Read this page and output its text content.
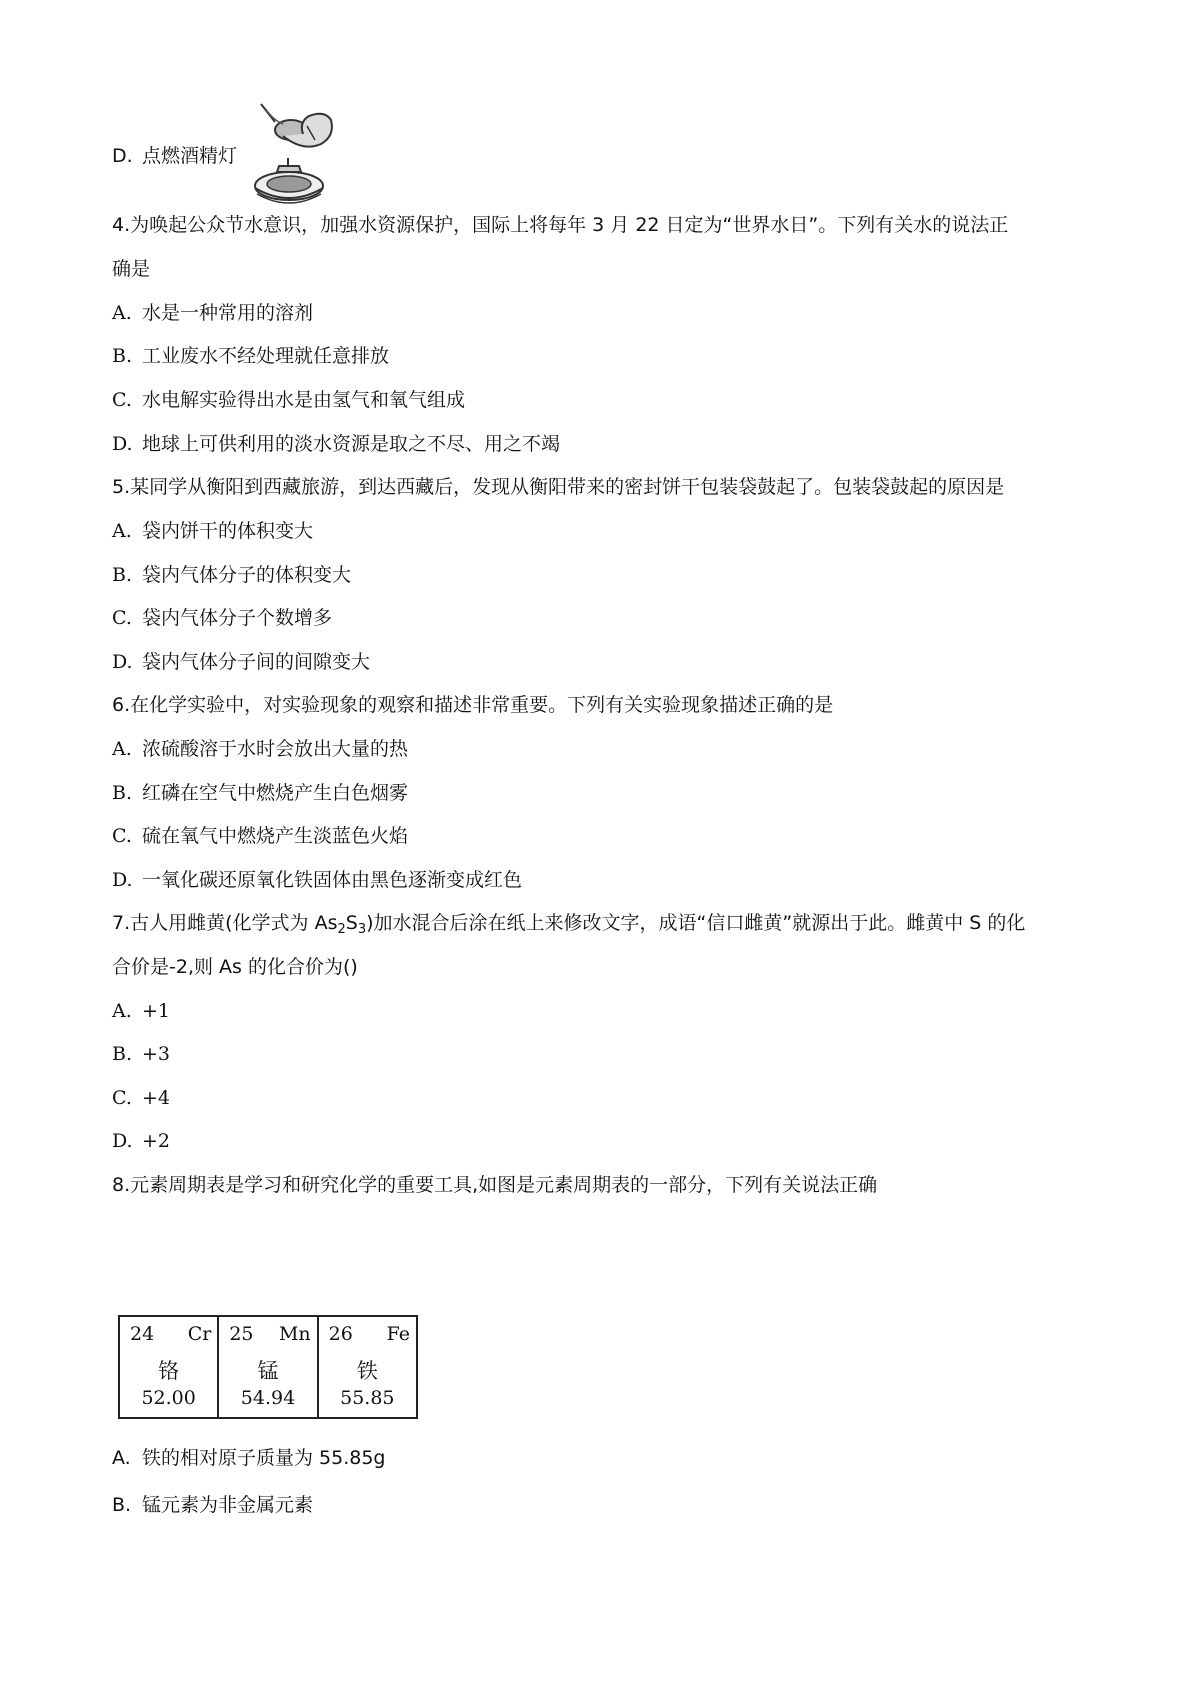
D. 点燃酒精灯
4.为唤起公众节水意识，加强水资源保护，国际上将每年 3 月 22 日定为“世界水日”。下列有关水的说法正
确是
A. 水是一种常用的溶剂
B. 工业废水不经处理就任意排放
C. 水电解实验得出水是由氢气和氧气组成
D. 地球上可供利用的淡水资源是取之不尽、用之不竭
5.某同学从衡阳到西藏旅游，到达西藏后，发现从衡阳带来的密封饼干包装袋鼓起了。包装袋鼓起的原因是
A. 袋内饼干的体积变大
B. 袋内气体分子的体积变大
C. 袋内气体分子个数增多
D. 袋内气体分子间的间隙变大
6.在化学实验中，对实验现象的观察和描述非常重要。下列有关实验现象描述正确的是
A. 浓硫酸溶于水时会放出大量的热
B. 红磷在空气中燃烧产生白色烟雾
C. 硫在氧气中燃烧产生淡蓝色火焰
D. 一氧化碳还原氧化铁固体由黑色逐渐变成红色
7.古人用雌黄(化学式为 $As_2S_3$)加水混合后涂在纸上来修改文字，成语“信口雌黄”就源出于此。雌黄中 S 的化
合价是-2,则 As 的化合价为()
A. +1
B. +3
C. +4
D. +2
8.元素周期表是学习和研究化学的重要工具,如图是元素周期表的一部分，下列有关说法正确
24 Cr
铬
52.00
25 Mn
锰
54.94
26 Fe
铁
55.85
A. 铁的相对原子质量为 55.85g
B. 锰元素为非金属元素
